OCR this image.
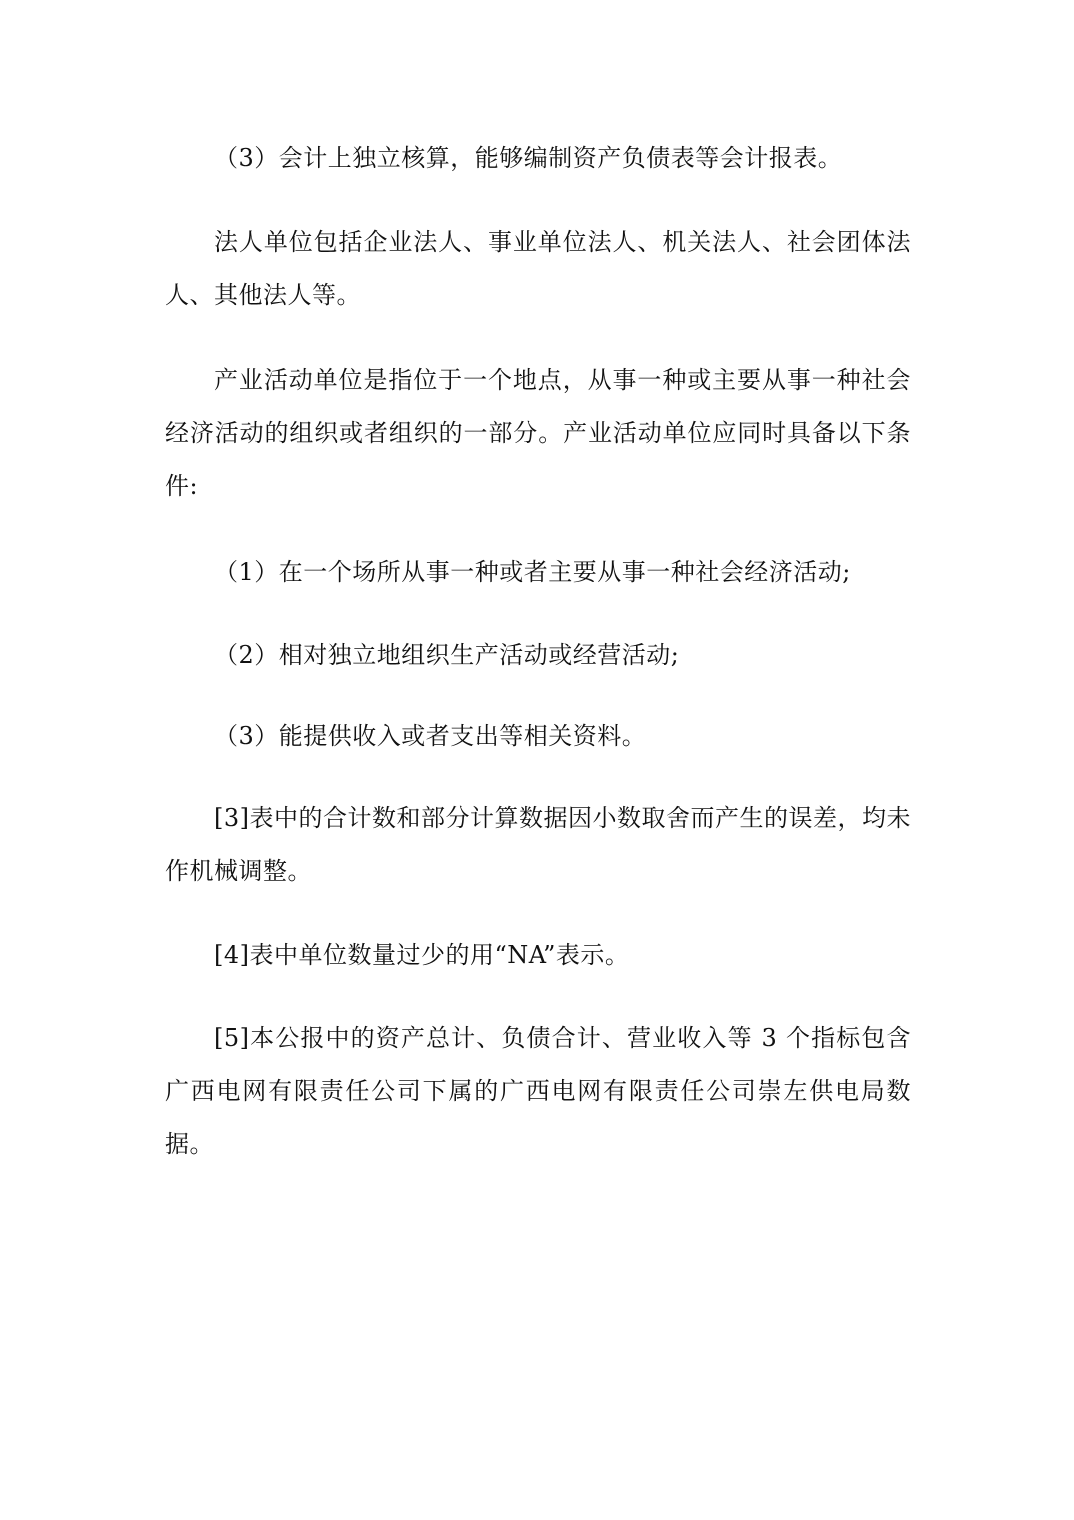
（3）会计上独立核算，能够编制资产负债表等会计报表。

法人单位包括企业法人、事业单位法人、机关法人、社会团体法人、其他法人等。

产业活动单位是指位于一个地点，从事一种或主要从事一种社会经济活动的组织或者组织的一部分。产业活动单位应同时具备以下条件:

（1）在一个场所从事一种或者主要从事一种社会经济活动;

（2）相对独立地组织生产活动或经营活动;

（3）能提供收入或者支出等相关资料。

[3]表中的合计数和部分计算数据因小数取舍而产生的误差，均未作机械调整。

[4]表中单位数量过少的用“NA”表示。

[5]本公报中的资产总计、负债合计、营业收入等 3 个指标包含广西电网有限责任公司下属的广西电网有限责任公司崇左供电局数据。
